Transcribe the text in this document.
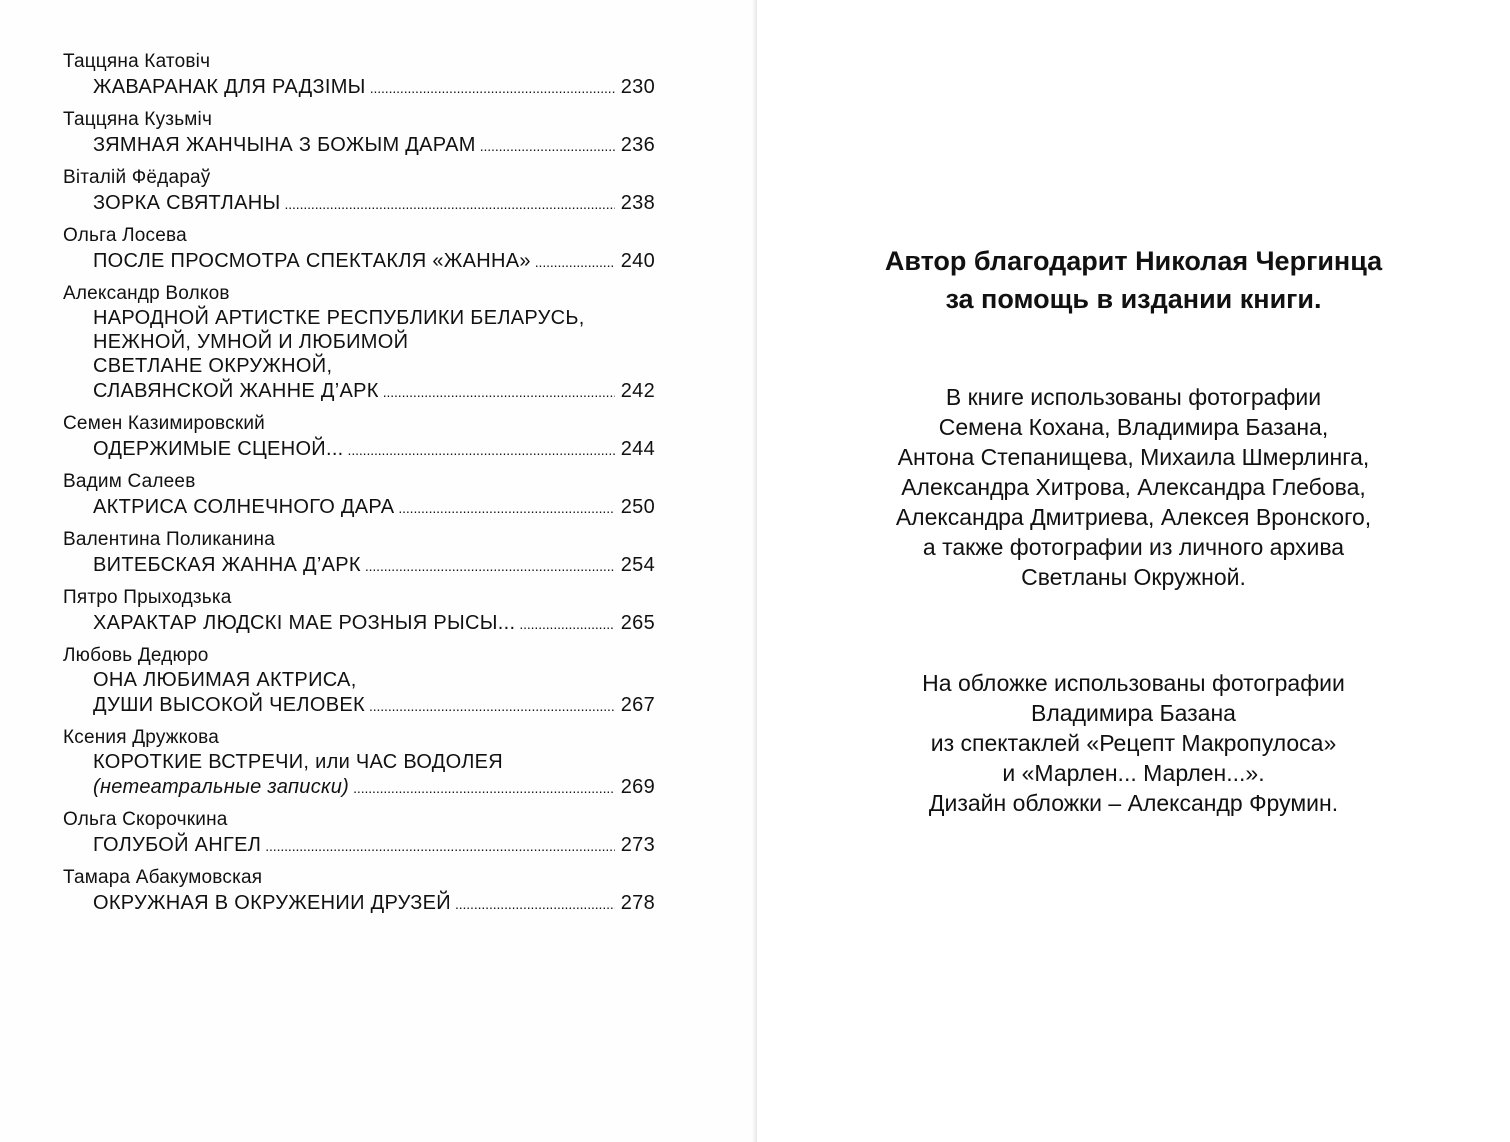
Таццяна Катовіч
ЖАВАРАНАК ДЛЯ РАДЗІМЫ . . .	230
Таццяна Кузьміч
ЗЯМНАЯ ЖАНЧЫНА З БОЖЫМ ДАРАМ . . .	236
Віталій Фёдараў
ЗОРКА СВЯТЛАНЫ . . .	238
Ольга Лосева
ПОСЛЕ ПРОСМОТРА СПЕКТАКЛЯ «ЖАННА» . . .	240
Александр Волков
НАРОДНОЙ АРТИСТКЕ РЕСПУБЛИКИ БЕЛАРУСЬ,
НЕЖНОЙ, УМНОЙ И ЛЮБИМОЙ
СВЕТЛАНЕ ОКРУЖНОЙ,
СЛАВЯНСКОЙ ЖАННЕ Д’АРК . . .	242
Семен Казимировский
ОДЕРЖИМЫЕ СЦЕНОЙ... . . .	244
Вадим Салеев
АКТРИСА СОЛНЕЧНОГО ДАРА . . .	250
Валентина Поликанина
ВИТЕБСКАЯ ЖАННА Д’АРК . . .	254
Пятро Прыходзька
ХАРАКТАР ЛЮДСКІ МАЕ РОЗНЫЯ РЫСЫ... . . .	265
Любовь Дедюро
ОНА ЛЮБИМАЯ АКТРИСА,
ДУШИ ВЫСОКОЙ ЧЕЛОВЕК . . .	267
Ксения Дружкова
КОРОТКИЕ ВСТРЕЧИ, или ЧАС ВОДОЛЕЯ
(нетеатральные записки) . . .	269
Ольга Скорочкина
ГОЛУБОЙ АНГЕЛ . . .	273
Тамара Абакумовская
ОКРУЖНАЯ В ОКРУЖЕНИИ ДРУЗЕЙ . . .	278
Автор благодарит Николая Чергинца
за помощь в издании книги.
В книге использованы фотографии
Семена Кохана, Владимира Базана,
Антона Степанищева, Михаила Шмерлинга,
Александра Хитрова, Александра Глебова,
Александра Дмитриева, Алексея Вронского,
а также фотографии из личного архива
Светланы Окружной.
На обложке использованы фотографии
Владимира Базана
из спектаклей «Рецепт Макропулоса»
и «Марлен... Марлен...».
Дизайн обложки – Александр Фрумин.
